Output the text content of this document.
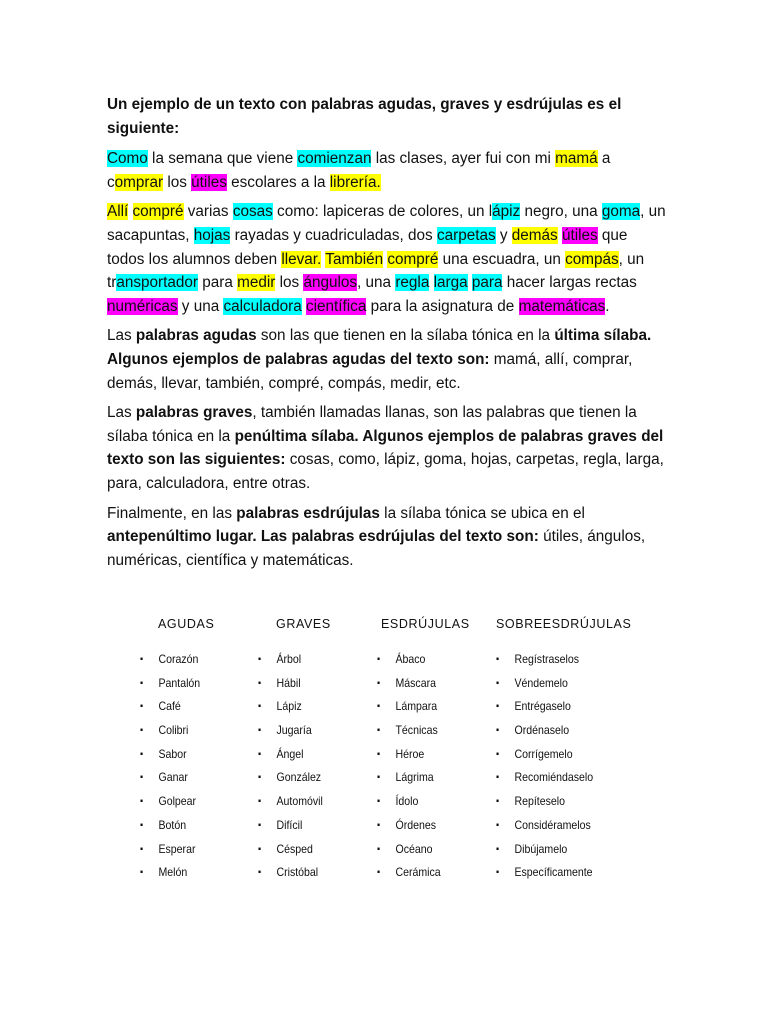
Un ejemplo de un texto con palabras agudas, graves y esdrújulas es el siguiente:

Como la semana que viene comienzan las clases, ayer fui con mi mamá a comprar los útiles escolares a la librería.

Allí compré varias cosas como: lapiceras de colores, un lápiz negro, una goma, un sacapuntas, hojas rayadas y cuadriculadas, dos carpetas y demás útiles que todos los alumnos deben llevar. También compré una escuadra, un compás, un transportador para medir los ángulos, una regla larga para hacer largas rectas numéricas y una calculadora científica para la asignatura de matemáticas.

Las palabras agudas son las que tienen en la sílaba tónica en la última sílaba. Algunos ejemplos de palabras agudas del texto son: mamá, allí, comprar, demás, llevar, también, compré, compás, medir, etc.

Las palabras graves, también llamadas llanas, son las palabras que tienen la sílaba tónica en la penúltima sílaba. Algunos ejemplos de palabras graves del texto son las siguientes: cosas, como, lápiz, goma, hojas, carpetas, regla, larga, para, calculadora, entre otras.

Finalmente, en las palabras esdrújulas la sílaba tónica se ubica en el antepenúltimo lugar. Las palabras esdrújulas del texto son: útiles, ángulos, numéricas, científica y matemáticas.

AGUDAS
▪ Corazón
▪ Pantalón
▪ Café
▪ Colibri
▪ Sabor
▪ Ganar
▪ Golpear
▪ Botón
▪ Esperar
▪ Melón
GRAVES
▪ Árbol
▪ Hábil
▪ Lápiz
▪ Jugaría
▪ Ángel
▪ González
▪ Automóvil
▪ Difícil
▪ Césped
▪ Cristóbal
ESDRÚJULAS
▪ Ábaco
▪ Máscara
▪ Lámpara
▪ Técnicas
▪ Héroe
▪ Lágrima
▪ Ídolo
▪ Órdenes
▪ Océano
▪ Cerámica
SOBREESDRÚJULAS
▪ Regístraselos
▪ Véndemelo
▪ Entrégaselo
▪ Ordénaselo
▪ Corrígemelo
▪ Recomiéndaselo
▪ Repíteselo
▪ Considéramelos
▪ Dibújamelo
▪ Específicamente
